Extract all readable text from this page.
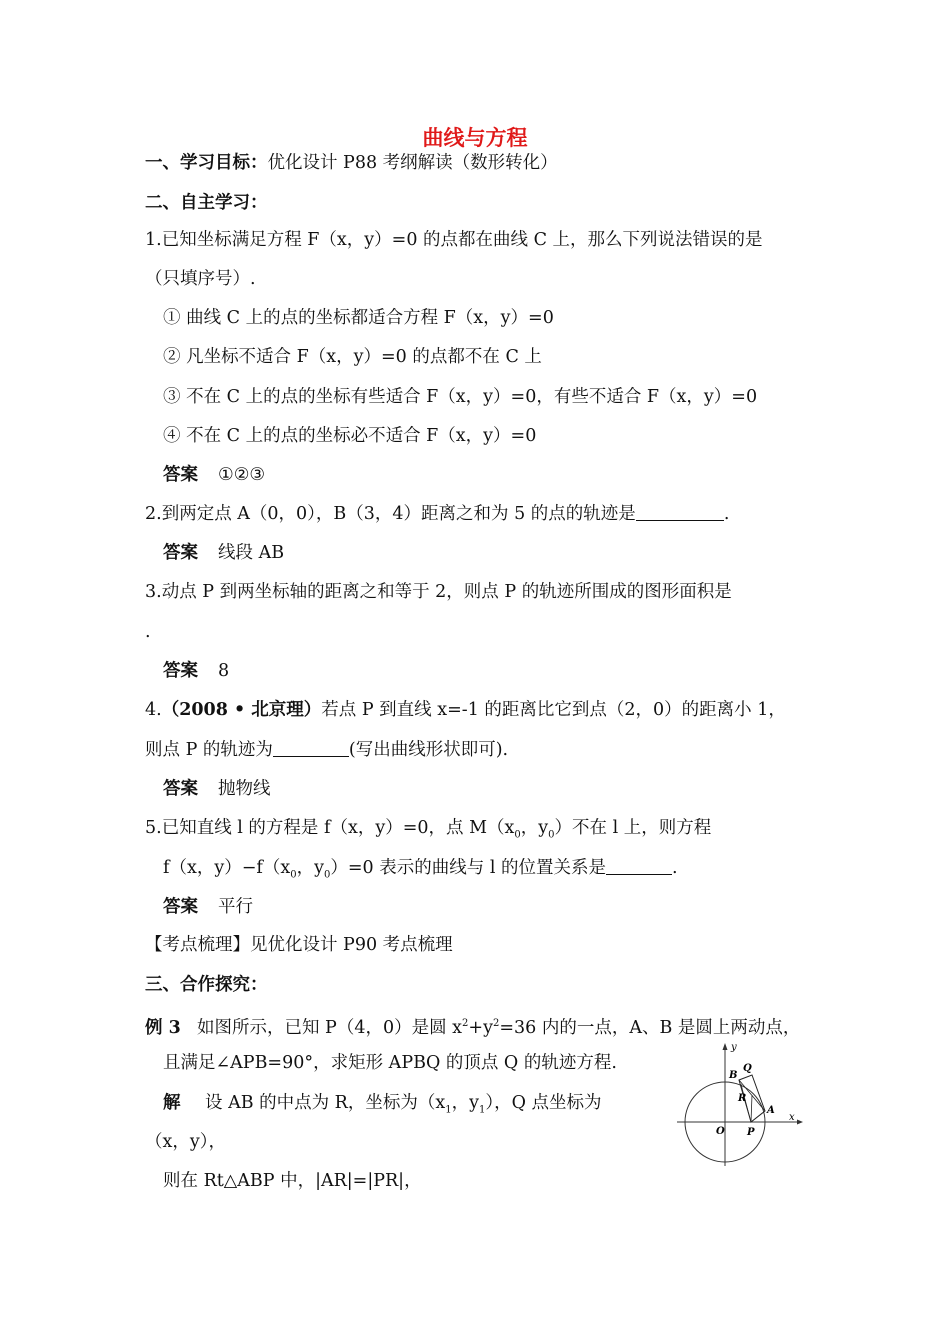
曲线与方程
一、学习目标：优化设计 P88 考纲解读（数形转化）
二、自主学习：
1.已知坐标满足方程 F（x，y）=0 的点都在曲线 C 上，那么下列说法错误的是
（只填序号）.
① 曲线 C 上的点的坐标都适合方程 F（x，y）=0
② 凡坐标不适合 F（x，y）=0 的点都不在 C 上
③ 不在 C 上的点的坐标有些适合 F（x，y）=0，有些不适合 F（x，y）=0
④ 不在 C 上的点的坐标必不适合 F（x，y）=0
答案 ①②③
2.到两定点 A（0，0），B（3，4）距离之和为 5 的点的轨迹是	.
答案 线段 AB
3.动点 P 到两坐标轴的距离之和等于 2，则点 P 的轨迹所围成的图形面积是
.
答案 8
4.（2008 • 北京理）若点 P 到直线 x=-1 的距离比它到点（2，0）的距离小 1，
则点 P 的轨迹为	(写出曲线形状即可).
答案 抛物线
5.已知直线 l 的方程是 f（x，y）=0，点 $M(x_0$，$y_0$）不在 l 上，则方程
f（x，$y)-f(x_0$，$y_0)=0$ 表示的曲线与 l 的位置关系是	.
答案 平行
【考点梳理】见优化设计 P90 考点梳理
三、合作探究：
例 3 如图所示，已知 P（4，0）是圆 $x^2+y^2=36$ 内的一点，A、B 是圆上两动点，
且满足∠APB=90°，求矩形 APBQ 的顶点 Q 的轨迹方程.
解 设 AB 的中点为 R，坐标为（$x_1$，$y_1$），Q 点坐标为
（x，y），
则在 Rt△ABP 中，|AR|=|PR|，
y
x
O P
A
B
Q
R
